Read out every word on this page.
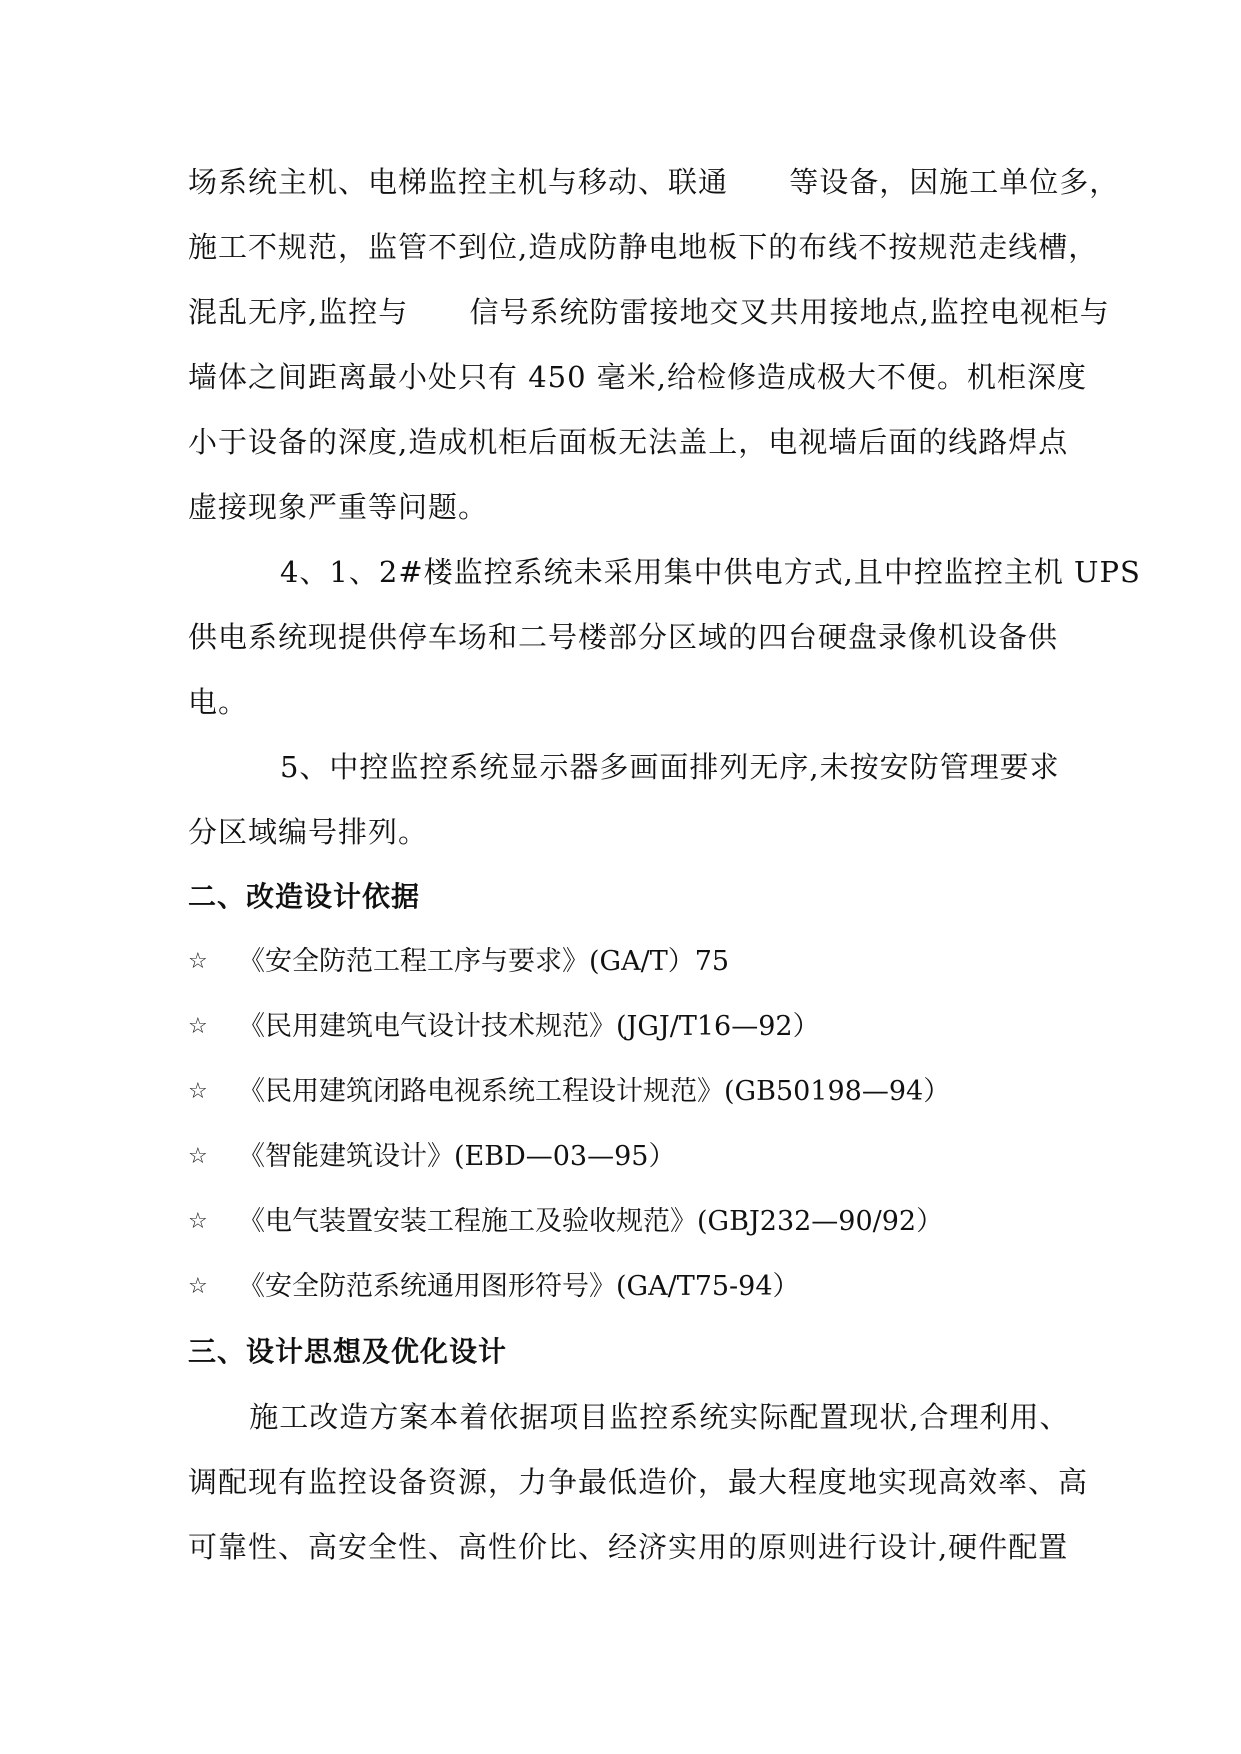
场系统主机、电梯监控主机与移动、联通      等设备，因施工单位多，
施工不规范，监管不到位,造成防静电地板下的布线不按规范走线槽，
混乱无序,监控与      信号系统防雷接地交叉共用接地点,监控电视柜与
墙体之间距离最小处只有 450 毫米,给检修造成极大不便。机柜深度
小于设备的深度,造成机柜后面板无法盖上，电视墙后面的线路焊点
虚接现象严重等问题。
4、1、2#楼监控系统未采用集中供电方式,且中控监控主机 UPS
供电系统现提供停车场和二号楼部分区域的四台硬盘录像机设备供
电。
5、中控监控系统显示器多画面排列无序,未按安防管理要求
分区域编号排列。
二、改造设计依据
☆ 《安全防范工程工序与要求》(GA/T）75
☆ 《民用建筑电气设计技术规范》(JGJ/T16—92）
☆ 《民用建筑闭路电视系统工程设计规范》(GB50198—94）
☆ 《智能建筑设计》(EBD—03—95）
☆ 《电气装置安装工程施工及验收规范》(GBJ232—90/92）
☆ 《安全防范系统通用图形符号》(GA/T75-94）
三、设计思想及优化设计
施工改造方案本着依据项目监控系统实际配置现状,合理利用、
调配现有监控设备资源，力争最低造价，最大程度地实现高效率、高
可靠性、高安全性、高性价比、经济实用的原则进行设计,硬件配置
